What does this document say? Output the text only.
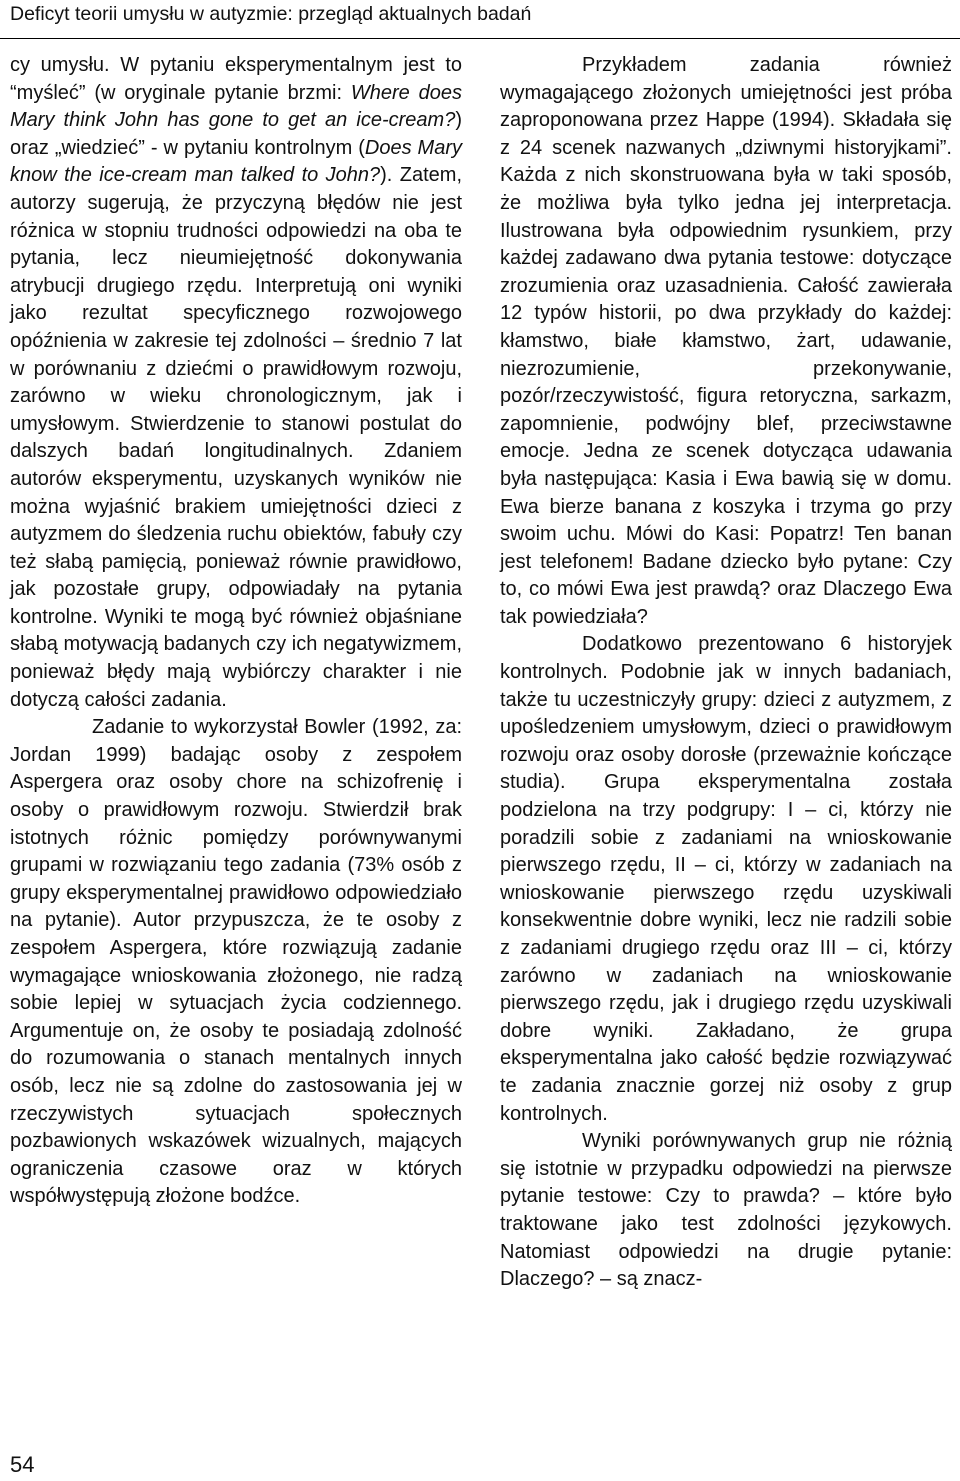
Deficyt teorii umysłu w autyzmie: przegląd aktualnych badań

cy umysłu. W pytaniu eksperymentalnym jest to “myśleć” (w oryginale pytanie brzmi: Where does Mary think John has gone to get an ice-cream?) oraz „wiedzieć” - w pytaniu kontrolnym (Does Mary know the ice-cream man talked to John?). Zatem, autorzy sugerują, że przyczyną błędów nie jest różnica w stopniu trudności odpowiedzi na oba te pytania, lecz nieumiejętność dokonywania atrybucji drugiego rzędu. Interpretują oni wyniki jako rezultat specyficznego rozwojowego opóźnienia w zakresie tej zdolności – średnio 7 lat w porównaniu z dziećmi o prawidłowym rozwoju, zarówno w wieku chronologicznym, jak i umysłowym. Stwierdzenie to stanowi postulat do dalszych badań longitudinalnych. Zdaniem autorów eksperymentu, uzyskanych wyników nie można wyjaśnić brakiem umiejętności dzieci z autyzmem do śledzenia ruchu obiektów, fabuły czy też słabą pamięcią, ponieważ równie prawidłowo, jak pozostałe grupy, odpowiadały na pytania kontrolne. Wyniki te mogą być również objaśniane słabą motywacją badanych czy ich negatywizmem, ponieważ błędy mają wybiórczy charakter i nie dotyczą całości zadania.

Zadanie to wykorzystał Bowler (1992, za: Jordan 1999) badając osoby z zespołem Aspergera oraz osoby chore na schizofrenię i osoby o prawidłowym rozwoju. Stwierdził brak istotnych różnic pomiędzy porównywanymi grupami w rozwiązaniu tego zadania (73% osób z grupy eksperymentalnej prawidłowo odpowiedziało na pytanie). Autor przypuszcza, że te osoby z zespołem Aspergera, które rozwiązują zadanie wymagające wnioskowania złożonego, nie radzą sobie lepiej w sytuacjach życia codziennego. Argumentuje on, że osoby te posiadają zdolność do rozumowania o stanach mentalnych innych osób, lecz nie są zdolne do zastosowania jej w rzeczywistych sytuacjach społecznych pozbawionych wskazówek wizualnych, mających ograniczenia czasowe oraz w których współwystępują złożone bodźce.

Przykładem zadania również wymagającego złożonych umiejętności jest próba zaproponowana przez Happe (1994). Składała się z 24 scenek nazwanych „dziwnymi historyjkami”. Każda z nich skonstruowana była w taki sposób, że możliwa była tylko jedna jej interpretacja. Ilustrowana była odpowiednim rysunkiem, przy każdej zadawano dwa pytania testowe: dotyczące zrozumienia oraz uzasadnienia. Całość zawierała 12 typów historii, po dwa przykłady do każdej: kłamstwo, białe kłamstwo, żart, udawanie, niezrozumienie, przekonywanie, pozór/rzeczywistość, figura retoryczna, sarkazm, zapomnienie, podwójny blef, przeciwstawne emocje. Jedna ze scenek dotycząca udawania była następująca: Kasia i Ewa bawią się w domu. Ewa bierze banana z koszyka i trzyma go przy swoim uchu. Mówi do Kasi: Popatrz! Ten banan jest telefonem! Badane dziecko było pytane: Czy to, co mówi Ewa jest prawdą? oraz Dlaczego Ewa tak powiedziała?

Dodatkowo prezentowano 6 historyjek kontrolnych. Podobnie jak w innych badaniach, także tu uczestniczyły grupy: dzieci z autyzmem, z upośledzeniem umysłowym, dzieci o prawidłowym rozwoju oraz osoby dorosłe (przeważnie kończące studia). Grupa eksperymentalna została podzielona na trzy podgrupy: I – ci, którzy nie poradzili sobie z zadaniami na wnioskowanie pierwszego rzędu, II – ci, którzy w zadaniach na wnioskowanie pierwszego rzędu uzyskiwali konsekwentnie dobre wyniki, lecz nie radzili sobie z zadaniami drugiego rzędu oraz III – ci, którzy zarówno w zadaniach na wnioskowanie pierwszego rzędu, jak i drugiego rzędu uzyskiwali dobre wyniki. Zakładano, że grupa eksperymentalna jako całość będzie rozwiązywać te zadania znacznie gorzej niż osoby z grup kontrolnych.

Wyniki porównywanych grup nie różnią się istotnie w przypadku odpowiedzi na pierwsze pytanie testowe: Czy to prawda? – które było traktowane jako test zdolności językowych. Natomiast odpowiedzi na drugie pytanie: Dlaczego? – są znacz-

54
